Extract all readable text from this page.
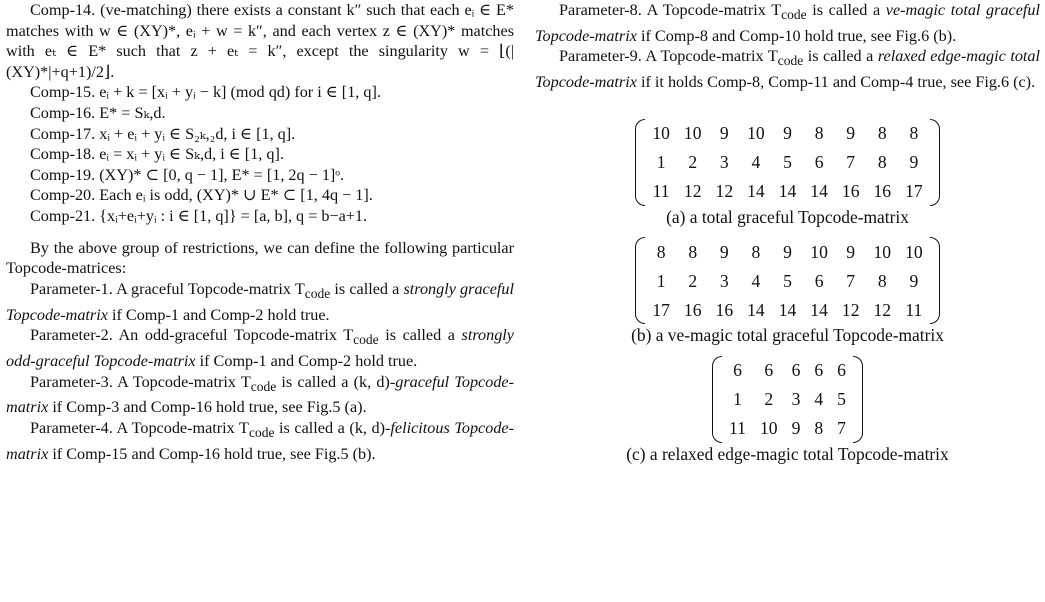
Comp-14. (ve-matching) there exists a constant k″ such that each eᵢ ∈ E* matches with w ∈ (XY)*, eᵢ + w = k″, and each vertex z ∈ (XY)* matches with eₜ ∈ E* such that z + eₜ = k″, except the singularity w = ⌊(|(XY)*|+q+1)/2⌋.

Comp-15. eᵢ + k = [xᵢ + yᵢ − k] (mod qd) for i ∈ [1, q].
Comp-16. E* = Sₖ,d.
Comp-17. xᵢ + eᵢ + yᵢ ∈ S₂ₖ,₂d, i ∈ [1, q].
Comp-18. eᵢ = xᵢ + yᵢ ∈ Sₖ,d, i ∈ [1, q].
Comp-19. (XY)* ⊂ [0, q − 1], E* = [1, 2q − 1]ᵒ.
Comp-20. Each eᵢ is odd, (XY)* ∪ E* ⊂ [1, 4q − 1].
Comp-21. {xᵢ+eᵢ+yᵢ : i ∈ [1, q]} = [a, b], q = b−a+1.

By the above group of restrictions, we can define the following particular Topcode-matrices:

Parameter-1. A graceful Topcode-matrix $T_{code}$ is called a strongly graceful Topcode-matrix if Comp-1 and Comp-2 hold true.

Parameter-2. An odd-graceful Topcode-matrix $T_{code}$ is called a strongly odd-graceful Topcode-matrix if Comp-1 and Comp-2 hold true.

Parameter-3. A Topcode-matrix $T_{code}$ is called a (k, d)-graceful Topcode-matrix if Comp-3 and Comp-16 hold true, see Fig.5 (a).

Parameter-4. A Topcode-matrix $T_{code}$ is called a (k, d)-felicitous Topcode-matrix if Comp-15 and Comp-16 hold true, see Fig.5 (b).

Parameter-8. A Topcode-matrix $T_{code}$ is called a ve-magic total graceful Topcode-matrix if Comp-8 and Comp-10 hold true, see Fig.6 (b).

Parameter-9. A Topcode-matrix $T_{code}$ is called a relaxed edge-magic total Topcode-matrix if it holds Comp-8, Comp-11 and Comp-4 true, see Fig.6 (c).

10	10	9	10	9	8	9	8	8
1	2	3	4	5	6	7	8	9
11	12	12	14	14	14	16	16	17
(a) a total graceful Topcode-matrix
8	8	9	8	9	10	9	10	10
1	2	3	4	5	6	7	8	9
17	16	16	14	14	14	12	12	11
(b) a ve-magic total graceful Topcode-matrix
6	6	6	6	6
1	2	3	4	5
11	10	9	8	7
(c) a relaxed edge-magic total Topcode-matrix
